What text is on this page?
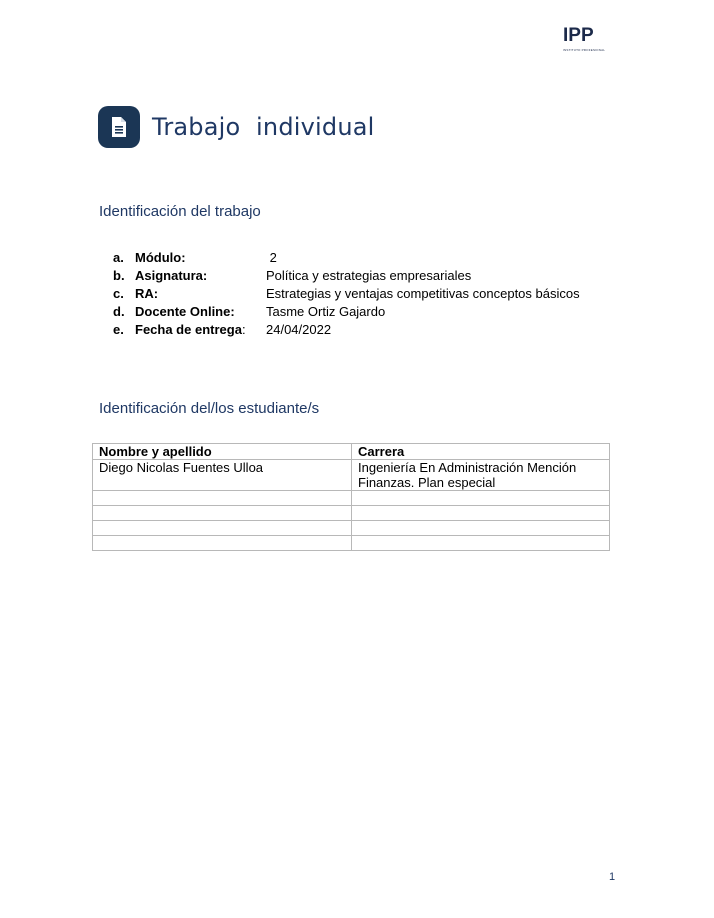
IPP
INSTITUTO PROFESIONAL
Trabajo  individual
Identificación del trabajo
a. Módulo:	2
b. Asignatura:	Política y estrategias empresariales
c. RA:	Estrategias y ventajas competitivas conceptos básicos
d. Docente Online: Tasme Ortiz Gajardo
e. Fecha de entrega: 24/04/2022
Identificación del/los estudiante/s
Nombre y apellido	Carrera
Diego Nicolas Fuentes Ulloa	Ingeniería En Administración Mención
Finanzas. Plan especial

1
